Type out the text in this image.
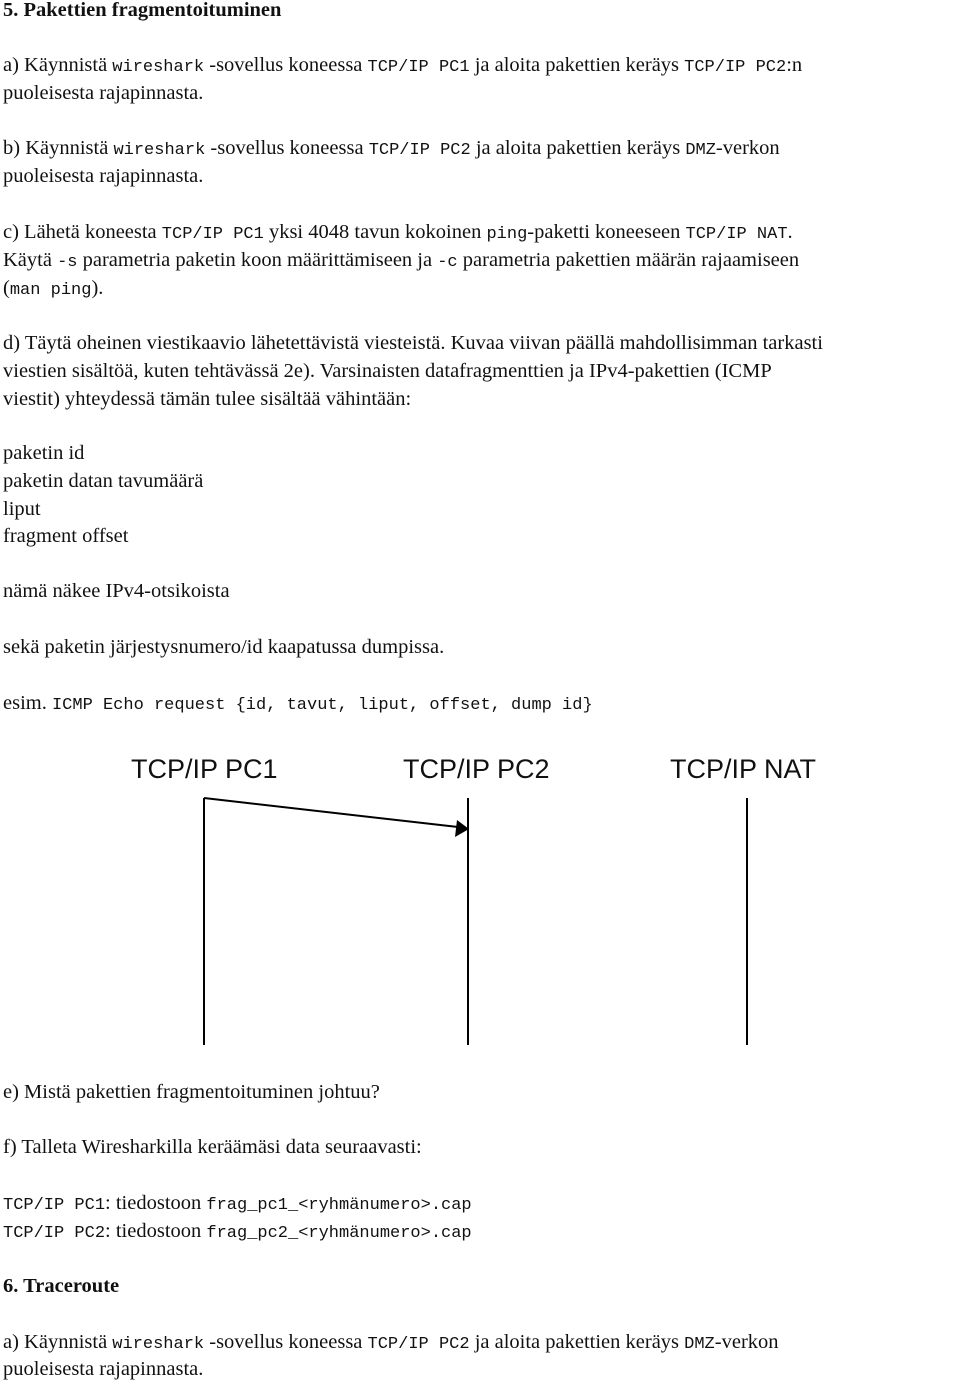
5. Pakettien fragmentoituminen
a) Käynnistä wireshark -sovellus koneessa TCP/IP PC1 ja aloita pakettien keräys TCP/IP PC2:n
puoleisesta rajapinnasta.
b) Käynnistä wireshark -sovellus koneessa TCP/IP PC2 ja aloita pakettien keräys DMZ-verkon
puoleisesta rajapinnasta.
c) Lähetä koneesta TCP/IP PC1 yksi 4048 tavun kokoinen ping-paketti koneeseen TCP/IP NAT.
Käytä -s parametria paketin koon määrittämiseen ja -c parametria pakettien määrän rajaamiseen
(man ping).
d) Täytä oheinen viestikaavio lähetettävistä viesteistä. Kuvaa viivan päällä mahdollisimman tarkasti
viestien sisältöä, kuten tehtävässä 2e). Varsinaisten datafragmenttien ja IPv4-pakettien (ICMP
viestit) yhteydessä tämän tulee sisältää vähintään:
paketin id
paketin datan tavumäärä
liput
fragment offset
nämä näkee IPv4-otsikoista
sekä paketin järjestysnumero/id kaapatussa dumpissa.
esim. ICMP Echo request {id, tavut, liput, offset, dump id}
TCP/IP PC1	TCP/IP PC2	TCP/IP NAT
e) Mistä pakettien fragmentoituminen johtuu?
f) Talleta Wiresharkilla keräämäsi data seuraavasti:
TCP/IP PC1: tiedostoon frag_pc1_<ryhmänumero>.cap
TCP/IP PC2: tiedostoon frag_pc2_<ryhmänumero>.cap
6. Traceroute
a) Käynnistä wireshark -sovellus koneessa TCP/IP PC2 ja aloita pakettien keräys DMZ-verkon
puoleisesta rajapinnasta.
